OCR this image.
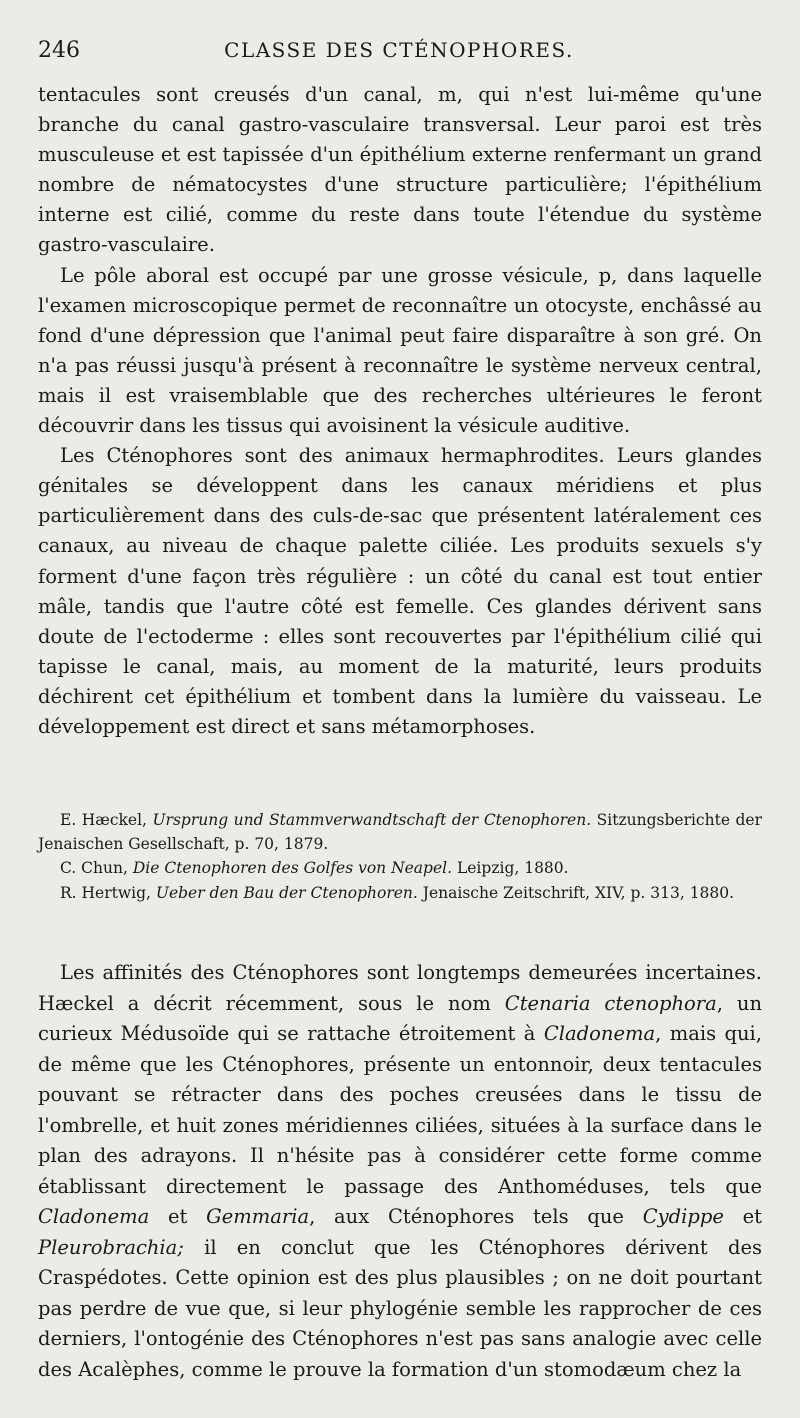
246	CLASSE DES CTÉNOPHORES.

tentacules sont creusés d'un canal, m, qui n'est lui-même qu'une branche du canal gastro-vasculaire transversal. Leur paroi est très musculeuse et est tapissée d'un épithélium externe renfermant un grand nombre de nématocystes d'une structure particulière; l'épithélium interne est cilié, comme du reste dans toute l'étendue du système gastro-vasculaire.

Le pôle aboral est occupé par une grosse vésicule, p, dans laquelle l'examen microscopique permet de reconnaître un otocyste, enchâssé au fond d'une dépression que l'animal peut faire disparaître à son gré. On n'a pas réussi jusqu'à présent à reconnaître le système nerveux central, mais il est vraisemblable que des recherches ultérieures le feront découvrir dans les tissus qui avoisinent la vésicule auditive.

Les Cténophores sont des animaux hermaphrodites. Leurs glandes génitales se développent dans les canaux méridiens et plus particulièrement dans des culs-de-sac que présentent latéralement ces canaux, au niveau de chaque palette ciliée. Les produits sexuels s'y forment d'une façon très régulière : un côté du canal est tout entier mâle, tandis que l'autre côté est femelle. Ces glandes dérivent sans doute de l'ectoderme : elles sont recouvertes par l'épithélium cilié qui tapisse le canal, mais, au moment de la maturité, leurs produits déchirent cet épithélium et tombent dans la lumière du vaisseau. Le développement est direct et sans métamorphoses.

E. Hæckel, Ursprung und Stammverwandtschaft der Ctenophoren. Sitzungsberichte der Jenaischen Gesellschaft, p. 70, 1879.

C. Chun, Die Ctenophoren des Golfes von Neapel. Leipzig, 1880.

R. Hertwig, Ueber den Bau der Ctenophoren. Jenaische Zeitschrift, XIV, p. 313, 1880.

Les affinités des Cténophores sont longtemps demeurées incertaines. Hæckel a décrit récemment, sous le nom Ctenaria ctenophora, un curieux Médusoïde qui se rattache étroitement à Cladonema, mais qui, de même que les Cténophores, présente un entonnoir, deux tentacules pouvant se rétracter dans des poches creusées dans le tissu de l'ombrelle, et huit zones méridiennes ciliées, situées à la surface dans le plan des adrayons. Il n'hésite pas à considérer cette forme comme établissant directement le passage des Anthoméduses, tels que Cladonema et Gemmaria, aux Cténophores tels que Cydippe et Pleurobrachia; il en conclut que les Cténophores dérivent des Craspédotes. Cette opinion est des plus plausibles ; on ne doit pourtant pas perdre de vue que, si leur phylogénie semble les rapprocher de ces derniers, l'ontogénie des Cténophores n'est pas sans analogie avec celle des Acalèphes, comme le prouve la formation d'un stomodæum chez la
